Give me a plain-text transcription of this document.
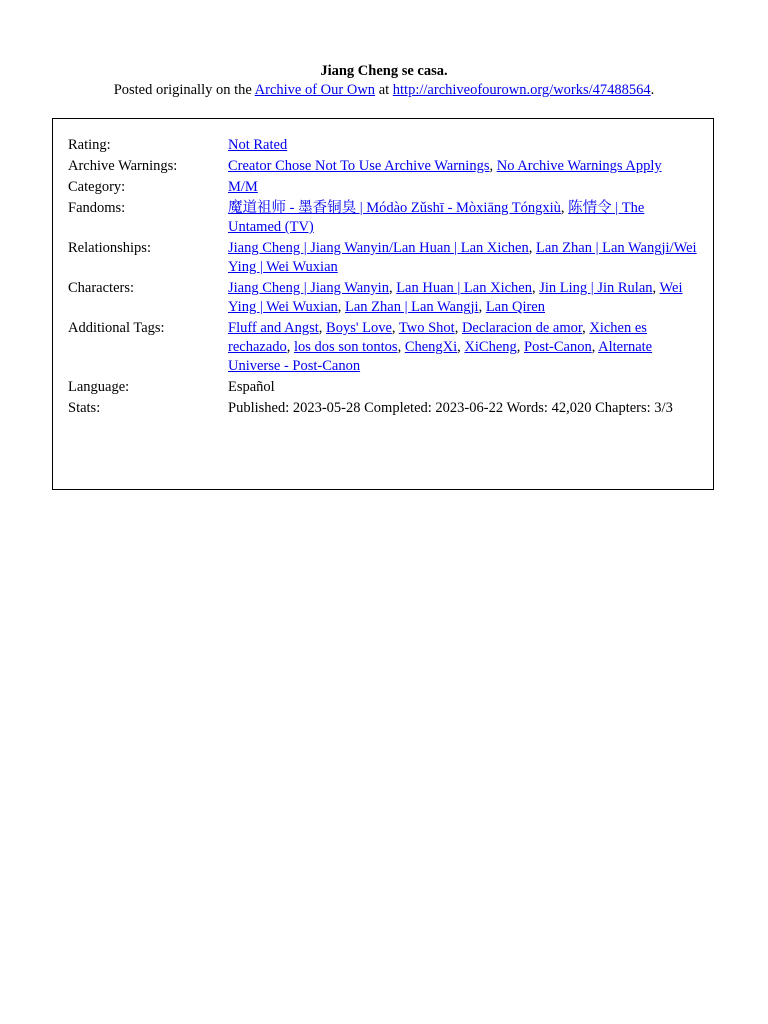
Jiang Cheng se casa.
Posted originally on the Archive of Our Own at http://archiveofourown.org/works/47488564.
Rating:	Not Rated
Archive Warnings:	Creator Chose Not To Use Archive Warnings, No Archive Warnings Apply
Category:	M/M
Fandoms:	魔道祖师 - 墨香铜臭 | Módào Zǔshī - Mòxiāng Tóngxiù, 陈情令 | The Untamed (TV)
Relationships:	Jiang Cheng | Jiang Wanyin/Lan Huan | Lan Xichen, Lan Zhan | Lan Wangji/Wei Ying | Wei Wuxian
Characters:	Jiang Cheng | Jiang Wanyin, Lan Huan | Lan Xichen, Jin Ling | Jin Rulan, Wei Ying | Wei Wuxian, Lan Zhan | Lan Wangji, Lan Qiren
Additional Tags:	Fluff and Angst, Boys' Love, Two Shot, Declaracion de amor, Xichen es rechazado, los dos son tontos, ChengXi, XiCheng, Post-Canon, Alternate Universe - Post-Canon
Language:	Español
Stats:	Published: 2023-05-28 Completed: 2023-06-22 Words: 42,020 Chapters: 3/3
